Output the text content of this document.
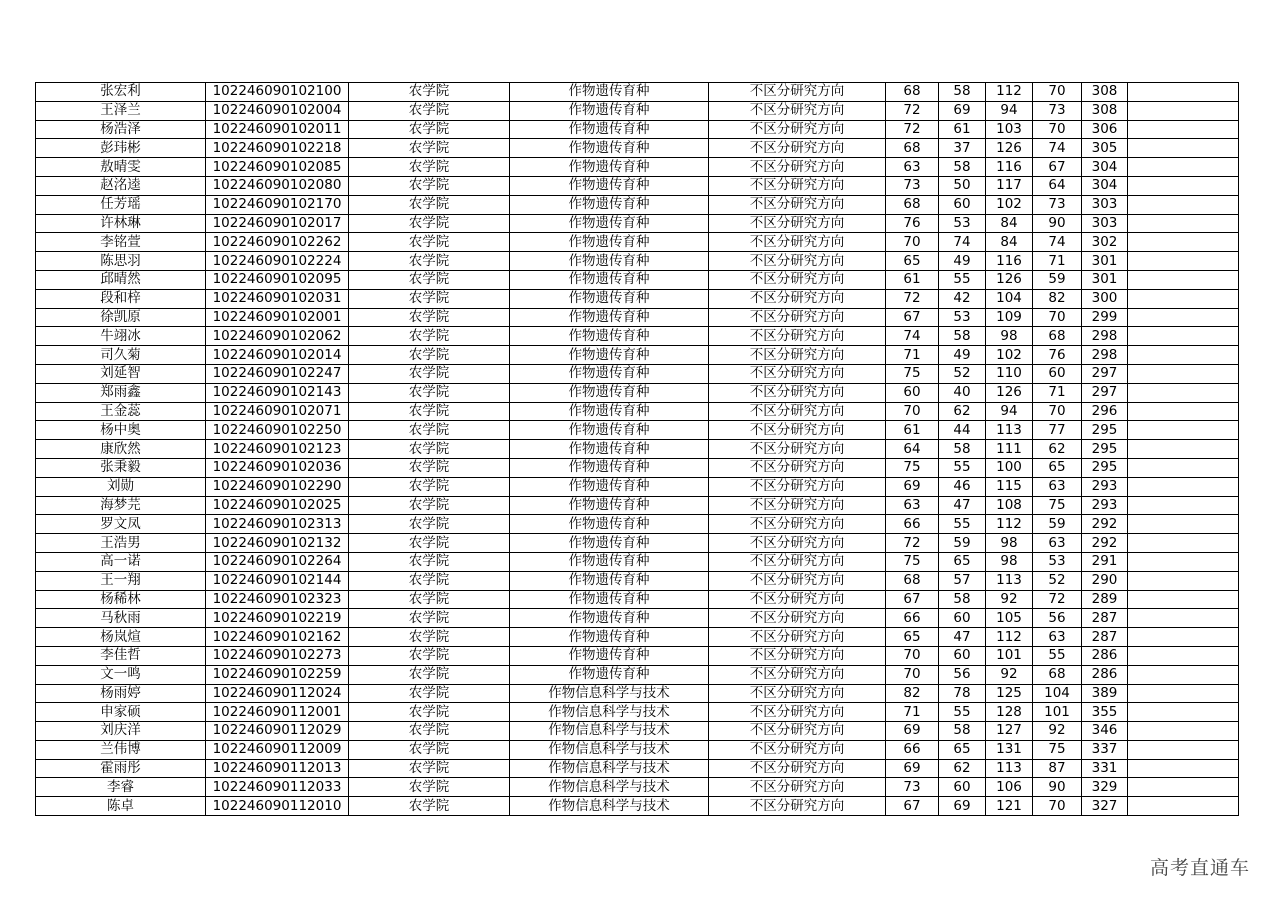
张宏利	102246090102100	农学院	作物遗传育种	不区分研究方向	68	58	112	70	308	
王泽兰	102246090102004	农学院	作物遗传育种	不区分研究方向	72	69	94	73	308	
杨浩泽	102246090102011	农学院	作物遗传育种	不区分研究方向	72	61	103	70	306	
彭玮彬	102246090102218	农学院	作物遗传育种	不区分研究方向	68	37	126	74	305	
敖晴雯	102246090102085	农学院	作物遗传育种	不区分研究方向	63	58	116	67	304	
赵洺逵	102246090102080	农学院	作物遗传育种	不区分研究方向	73	50	117	64	304	
任芳瑶	102246090102170	农学院	作物遗传育种	不区分研究方向	68	60	102	73	303	
许林琳	102246090102017	农学院	作物遗传育种	不区分研究方向	76	53	84	90	303	
李铭萱	102246090102262	农学院	作物遗传育种	不区分研究方向	70	74	84	74	302	
陈思羽	102246090102224	农学院	作物遗传育种	不区分研究方向	65	49	116	71	301	
邱晴然	102246090102095	农学院	作物遗传育种	不区分研究方向	61	55	126	59	301	
段和梓	102246090102031	农学院	作物遗传育种	不区分研究方向	72	42	104	82	300	
徐凯原	102246090102001	农学院	作物遗传育种	不区分研究方向	67	53	109	70	299	
牛翊冰	102246090102062	农学院	作物遗传育种	不区分研究方向	74	58	98	68	298	
司久菊	102246090102014	农学院	作物遗传育种	不区分研究方向	71	49	102	76	298	
刘延智	102246090102247	农学院	作物遗传育种	不区分研究方向	75	52	110	60	297	
郑雨鑫	102246090102143	农学院	作物遗传育种	不区分研究方向	60	40	126	71	297	
王金蕊	102246090102071	农学院	作物遗传育种	不区分研究方向	70	62	94	70	296	
杨中奥	102246090102250	农学院	作物遗传育种	不区分研究方向	61	44	113	77	295	
康欣然	102246090102123	农学院	作物遗传育种	不区分研究方向	64	58	111	62	295	
张秉毅	102246090102036	农学院	作物遗传育种	不区分研究方向	75	55	100	65	295	
刘勋	102246090102290	农学院	作物遗传育种	不区分研究方向	69	46	115	63	293	
海梦芫	102246090102025	农学院	作物遗传育种	不区分研究方向	63	47	108	75	293	
罗文凤	102246090102313	农学院	作物遗传育种	不区分研究方向	66	55	112	59	292	
王浩男	102246090102132	农学院	作物遗传育种	不区分研究方向	72	59	98	63	292	
高一诺	102246090102264	农学院	作物遗传育种	不区分研究方向	75	65	98	53	291	
王一翔	102246090102144	农学院	作物遗传育种	不区分研究方向	68	57	113	52	290	
杨稀林	102246090102323	农学院	作物遗传育种	不区分研究方向	67	58	92	72	289	
马秋雨	102246090102219	农学院	作物遗传育种	不区分研究方向	66	60	105	56	287	
杨岚煊	102246090102162	农学院	作物遗传育种	不区分研究方向	65	47	112	63	287	
李佳哲	102246090102273	农学院	作物遗传育种	不区分研究方向	70	60	101	55	286	
文一鸣	102246090102259	农学院	作物遗传育种	不区分研究方向	70	56	92	68	286	
杨雨婷	102246090112024	农学院	作物信息科学与技术	不区分研究方向	82	78	125	104	389	
申家硕	102246090112001	农学院	作物信息科学与技术	不区分研究方向	71	55	128	101	355	
刘庆洋	102246090112029	农学院	作物信息科学与技术	不区分研究方向	69	58	127	92	346	
兰伟博	102246090112009	农学院	作物信息科学与技术	不区分研究方向	66	65	131	75	337	
霍雨彤	102246090112013	农学院	作物信息科学与技术	不区分研究方向	69	62	113	87	331	
李睿	102246090112033	农学院	作物信息科学与技术	不区分研究方向	73	60	106	90	329	
陈卓	102246090112010	农学院	作物信息科学与技术	不区分研究方向	67	69	121	70	327	
高考直通车
